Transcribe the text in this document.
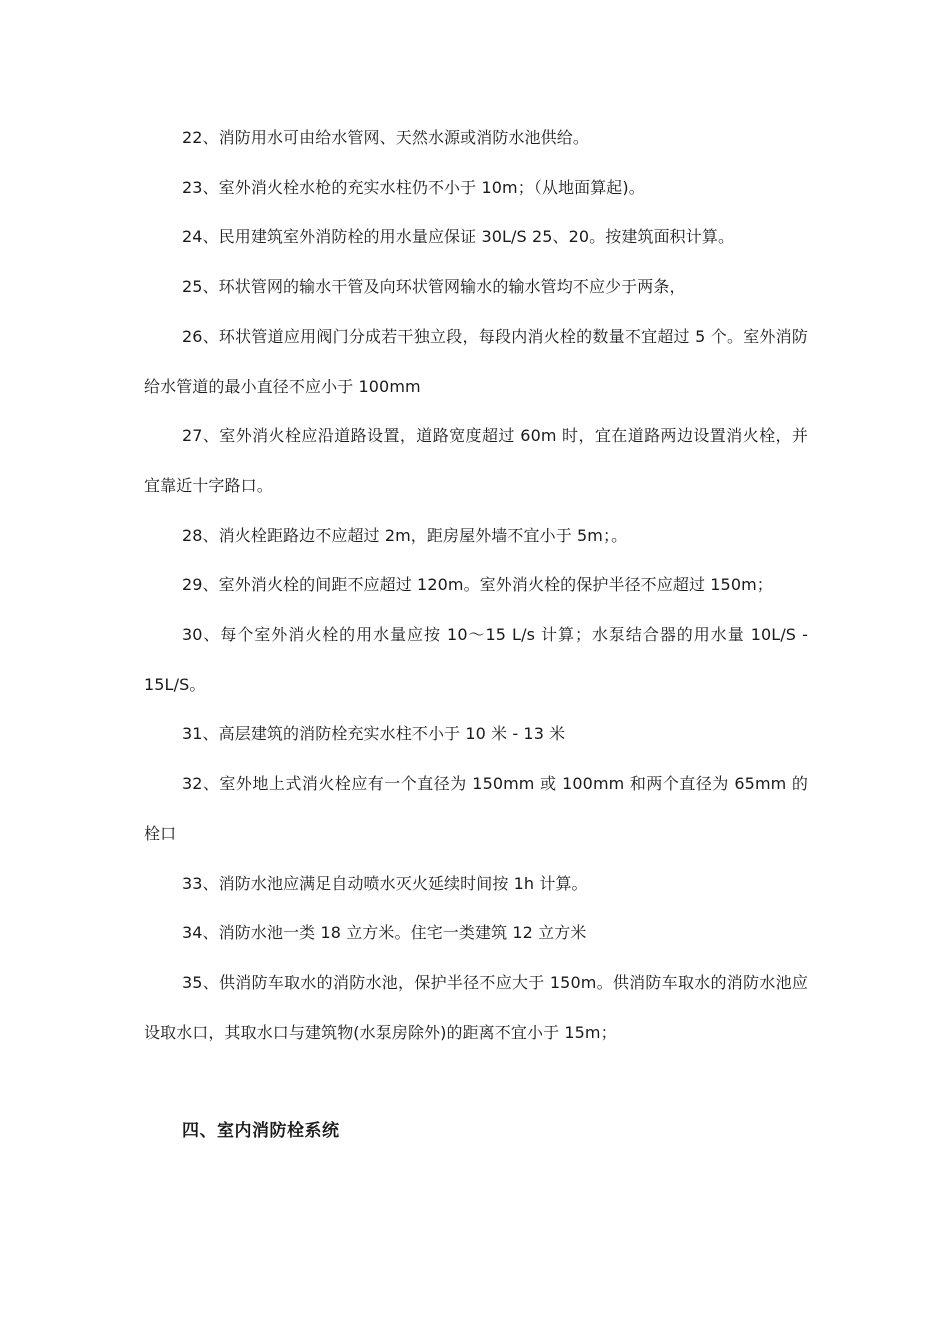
22、消防用水可由给水管网、天然水源或消防水池供给。

23、室外消火栓水枪的充实水柱仍不小于 10m；（从地面算起)。

24、民用建筑室外消防栓的用水量应保证 30L/S 25、20。按建筑面积计算。

25、环状管网的输水干管及向环状管网输水的输水管均不应少于两条，

26、环状管道应用阀门分成若干独立段，每段内消火栓的数量不宜超过 5 个。室外消防给水管道的最小直径不应小于 100mm

27、室外消火栓应沿道路设置，道路宽度超过 60m 时，宜在道路两边设置消火栓，并宜靠近十字路口。

28、消火栓距路边不应超过 2m，距房屋外墙不宜小于 5m；。

29、室外消火栓的间距不应超过 120m。室外消火栓的保护半径不应超过 150m；

30、每个室外消火栓的用水量应按 10～15 L/s 计算；水泵结合器的用水量 10L/S - 15L/S。

31、高层建筑的消防栓充实水柱不小于 10 米 - 13 米

32、室外地上式消火栓应有一个直径为 150mm 或 100mm 和两个直径为 65mm 的栓口

33、消防水池应满足自动喷水灭火延续时间按 1h 计算。

34、消防水池一类 18 立方米。住宅一类建筑 12 立方米

35、供消防车取水的消防水池，保护半径不应大于 150m。供消防车取水的消防水池应设取水口，其取水口与建筑物(水泵房除外)的距离不宜小于 15m；

四、室内消防栓系统
